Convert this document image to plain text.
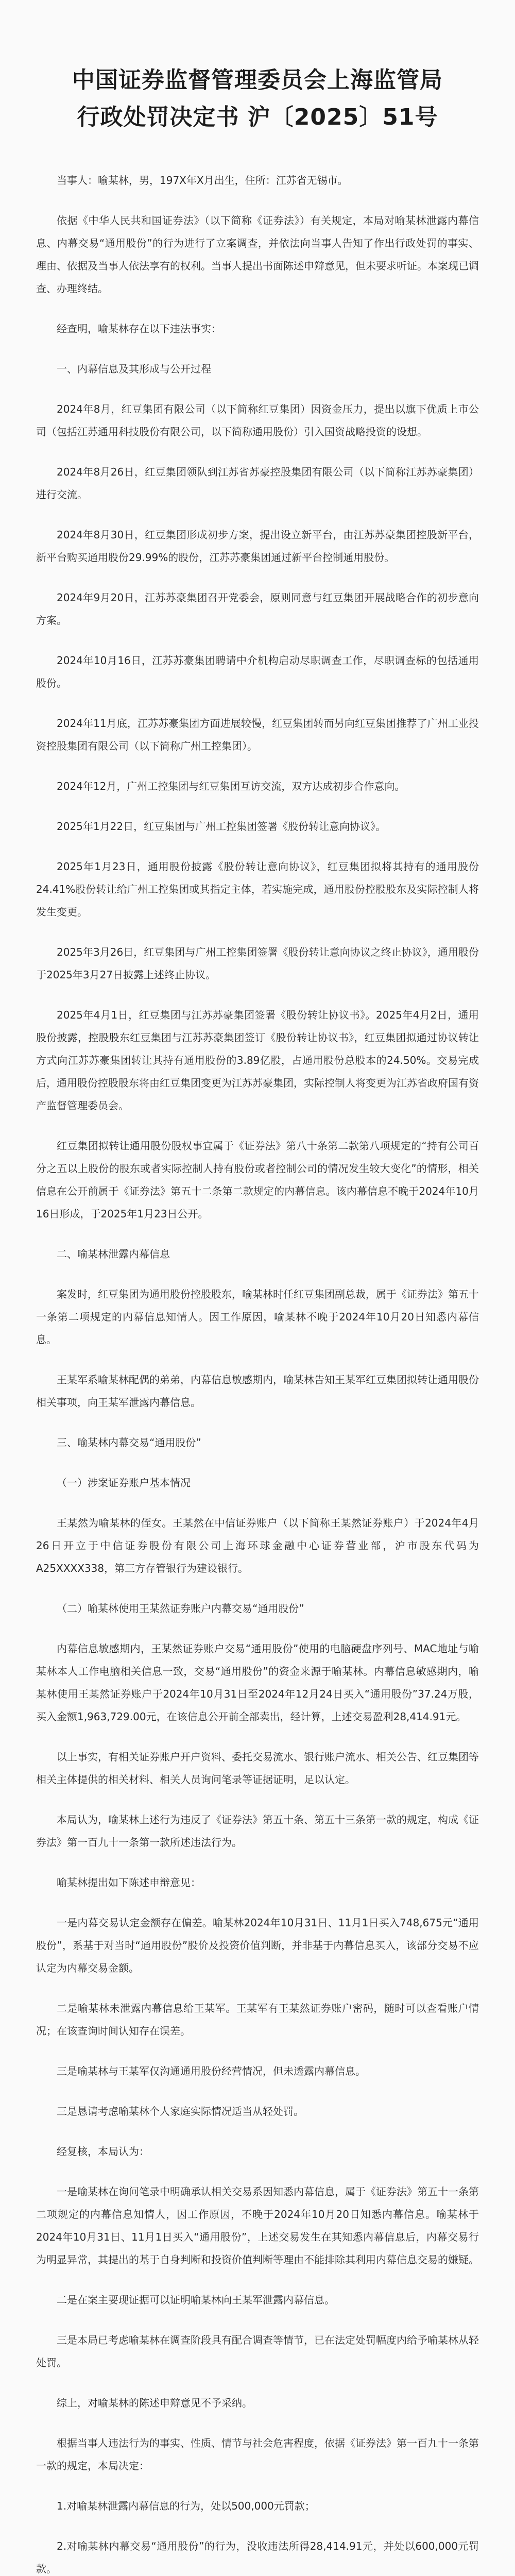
中国证券监督管理委员会上海监管局
行政处罚决定书 沪〔2025〕51号

当事人：喻某林，男，197X年X月出生，住所：江苏省无锡市。

依据《中华人民共和国证券法》（以下简称《证券法》）有关规定，本局对喻某林泄露内幕信息、内幕交易“通用股份”的行为进行了立案调查，并依法向当事人告知了作出行政处罚的事实、理由、依据及当事人依法享有的权利。当事人提出书面陈述申辩意见，但未要求听证。本案现已调查、办理终结。

经查明，喻某林存在以下违法事实：

一、内幕信息及其形成与公开过程

2024年8月，红豆集团有限公司（以下简称红豆集团）因资金压力，提出以旗下优质上市公司（包括江苏通用科技股份有限公司，以下简称通用股份）引入国资战略投资的设想。

2024年8月26日，红豆集团领队到江苏省苏豪控股集团有限公司（以下简称江苏苏豪集团）进行交流。

2024年8月30日，红豆集团形成初步方案，提出设立新平台，由江苏苏豪集团控股新平台，新平台购买通用股份29.99%的股份，江苏苏豪集团通过新平台控制通用股份。

2024年9月20日，江苏苏豪集团召开党委会，原则同意与红豆集团开展战略合作的初步意向方案。

2024年10月16日，江苏苏豪集团聘请中介机构启动尽职调查工作，尽职调查标的包括通用股份。

2024年11月底，江苏苏豪集团方面进展较慢，红豆集团转而另向红豆集团推荐了广州工业投资控股集团有限公司（以下简称广州工控集团）。

2024年12月，广州工控集团与红豆集团互访交流，双方达成初步合作意向。

2025年1月22日，红豆集团与广州工控集团签署《股份转让意向协议》。

2025年1月23日，通用股份披露《股份转让意向协议》，红豆集团拟将其持有的通用股份24.41%股份转让给广州工控集团或其指定主体，若实施完成，通用股份控股股东及实际控制人将发生变更。

2025年3月26日，红豆集团与广州工控集团签署《股份转让意向协议之终止协议》，通用股份于2025年3月27日披露上述终止协议。

2025年4月1日，红豆集团与江苏苏豪集团签署《股份转让协议书》。2025年4月2日，通用股份披露，控股股东红豆集团与江苏苏豪集团签订《股份转让协议书》，红豆集团拟通过协议转让方式向江苏苏豪集团转让其持有通用股份的3.89亿股，占通用股份总股本的24.50%。交易完成后，通用股份控股股东将由红豆集团变更为江苏苏豪集团，实际控制人将变更为江苏省政府国有资产监督管理委员会。

红豆集团拟转让通用股份股权事宜属于《证券法》第八十条第二款第八项规定的“持有公司百分之五以上股份的股东或者实际控制人持有股份或者控制公司的情况发生较大变化”的情形，相关信息在公开前属于《证券法》第五十二条第二款规定的内幕信息。该内幕信息不晚于2024年10月16日形成，于2025年1月23日公开。

二、喻某林泄露内幕信息

案发时，红豆集团为通用股份控股股东，喻某林时任红豆集团副总裁，属于《证券法》第五十一条第二项规定的内幕信息知情人。因工作原因，喻某林不晚于2024年10月20日知悉内幕信息。

王某军系喻某林配偶的弟弟，内幕信息敏感期内，喻某林告知王某军红豆集团拟转让通用股份相关事项，向王某军泄露内幕信息。

三、喻某林内幕交易“通用股份”

（一）涉案证券账户基本情况

王某然为喻某林的侄女。王某然在中信证券账户（以下简称王某然证券账户）于2024年4月26日开立于中信证券股份有限公司上海环球金融中心证券营业部，沪市股东代码为A25XXXX338，第三方存管银行为建设银行。

（二）喻某林使用王某然证券账户内幕交易“通用股份”

内幕信息敏感期内，王某然证券账户交易“通用股份”使用的电脑硬盘序列号、MAC地址与喻某林本人工作电脑相关信息一致，交易“通用股份”的资金来源于喻某林。内幕信息敏感期内，喻某林使用王某然证券账户于2024年10月31日至2024年12月24日买入“通用股份”37.24万股，买入金额1,963,729.00元，在该信息公开前全部卖出，经计算，上述交易盈利28,414.91元。

以上事实，有相关证券账户开户资料、委托交易流水、银行账户流水、相关公告、红豆集团等相关主体提供的相关材料、相关人员询问笔录等证据证明，足以认定。

本局认为，喻某林上述行为违反了《证券法》第五十条、第五十三条第一款的规定，构成《证券法》第一百九十一条第一款所述违法行为。

喻某林提出如下陈述申辩意见：

一是内幕交易认定金额存在偏差。喻某林2024年10月31日、11月1日买入748,675元“通用股份”，系基于对当时“通用股份”股价及投资价值判断，并非基于内幕信息买入，该部分交易不应认定为内幕交易金额。

二是喻某林未泄露内幕信息给王某军。王某军有王某然证券账户密码，随时可以查看账户情况；在该查询时间认知存在误差。

三是喻某林与王某军仅沟通通用股份经营情况，但未透露内幕信息。

三是恳请考虑喻某林个人家庭实际情况适当从轻处罚。

经复核，本局认为：

一是喻某林在询问笔录中明确承认相关交易系因知悉内幕信息，属于《证券法》第五十一条第二项规定的内幕信息知情人，因工作原因，不晚于2024年10月20日知悉内幕信息。喻某林于2024年10月31日、11月1日买入“通用股份”，上述交易发生在其知悉内幕信息后，内幕交易行为明显异常，其提出的基于自身判断和投资价值判断等理由不能排除其利用内幕信息交易的嫌疑。

二是在案主要现证据可以证明喻某林向王某军泄露内幕信息。

三是本局已考虑喻某林在调查阶段具有配合调查等情节，已在法定处罚幅度内给予喻某林从轻处罚。

综上，对喻某林的陈述申辩意见不予采纳。

根据当事人违法行为的事实、性质、情节与社会危害程度，依据《证券法》第一百九十一条第一款的规定，本局决定：

1.对喻某林泄露内幕信息的行为，处以500,000元罚款；

2.对喻某林内幕交易“通用股份”的行为，没收违法所得28,414.91元，并处以600,000元罚款。
